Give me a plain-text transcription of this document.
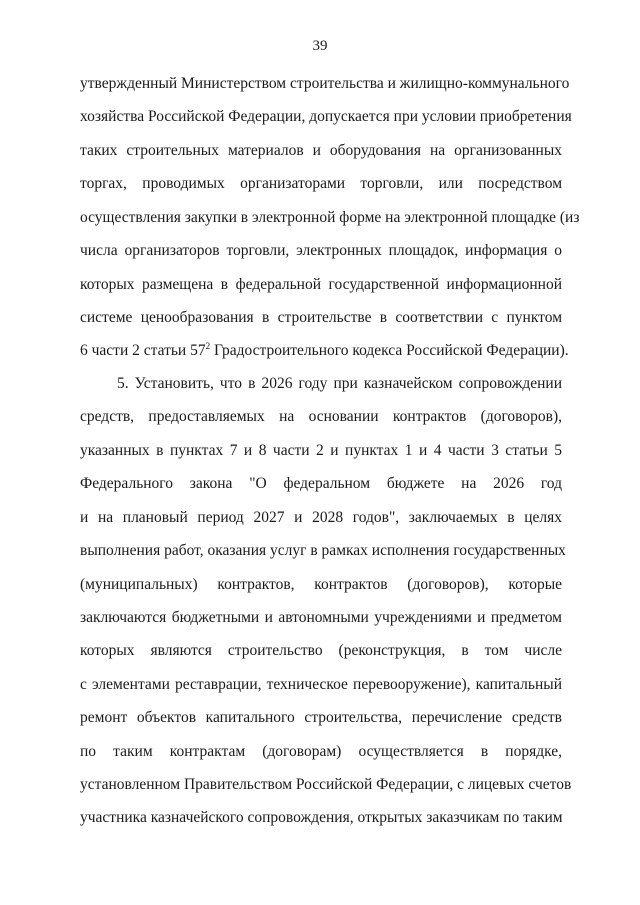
39
утвержденный Министерством строительства и жилищно-коммунального
хозяйства Российской Федерации, допускается при условии приобретения
таких строительных материалов и оборудования на организованных
торгах, проводимых организаторами торговли, или посредством
осуществления закупки в электронной форме на электронной площадке (из
числа организаторов торговли, электронных площадок, информация о
которых размещена в федеральной государственной информационной
системе ценообразования в строительстве в соответствии с пунктом
6 части 2 статьи $57^2$ Градостроительного кодекса Российской Федерации).
5. Установить, что в 2026 году при казначейском сопровождении
средств, предоставляемых на основании контрактов (договоров),
указанных в пунктах 7 и 8 части 2 и пунктах 1 и 4 части 3 статьи 5
Федерального закона "О федеральном бюджете на 2026 год
и на плановый период 2027 и 2028 годов", заключаемых в целях
выполнения работ, оказания услуг в рамках исполнения государственных
(муниципальных) контрактов, контрактов (договоров), которые
заключаются бюджетными и автономными учреждениями и предметом
которых являются строительство (реконструкция, в том числе
с элементами реставрации, техническое перевооружение), капитальный
ремонт объектов капитального строительства, перечисление средств
по таким контрактам (договорам) осуществляется в порядке,
установленном Правительством Российской Федерации, с лицевых счетов
участника казначейского сопровождения, открытых заказчикам по таким
